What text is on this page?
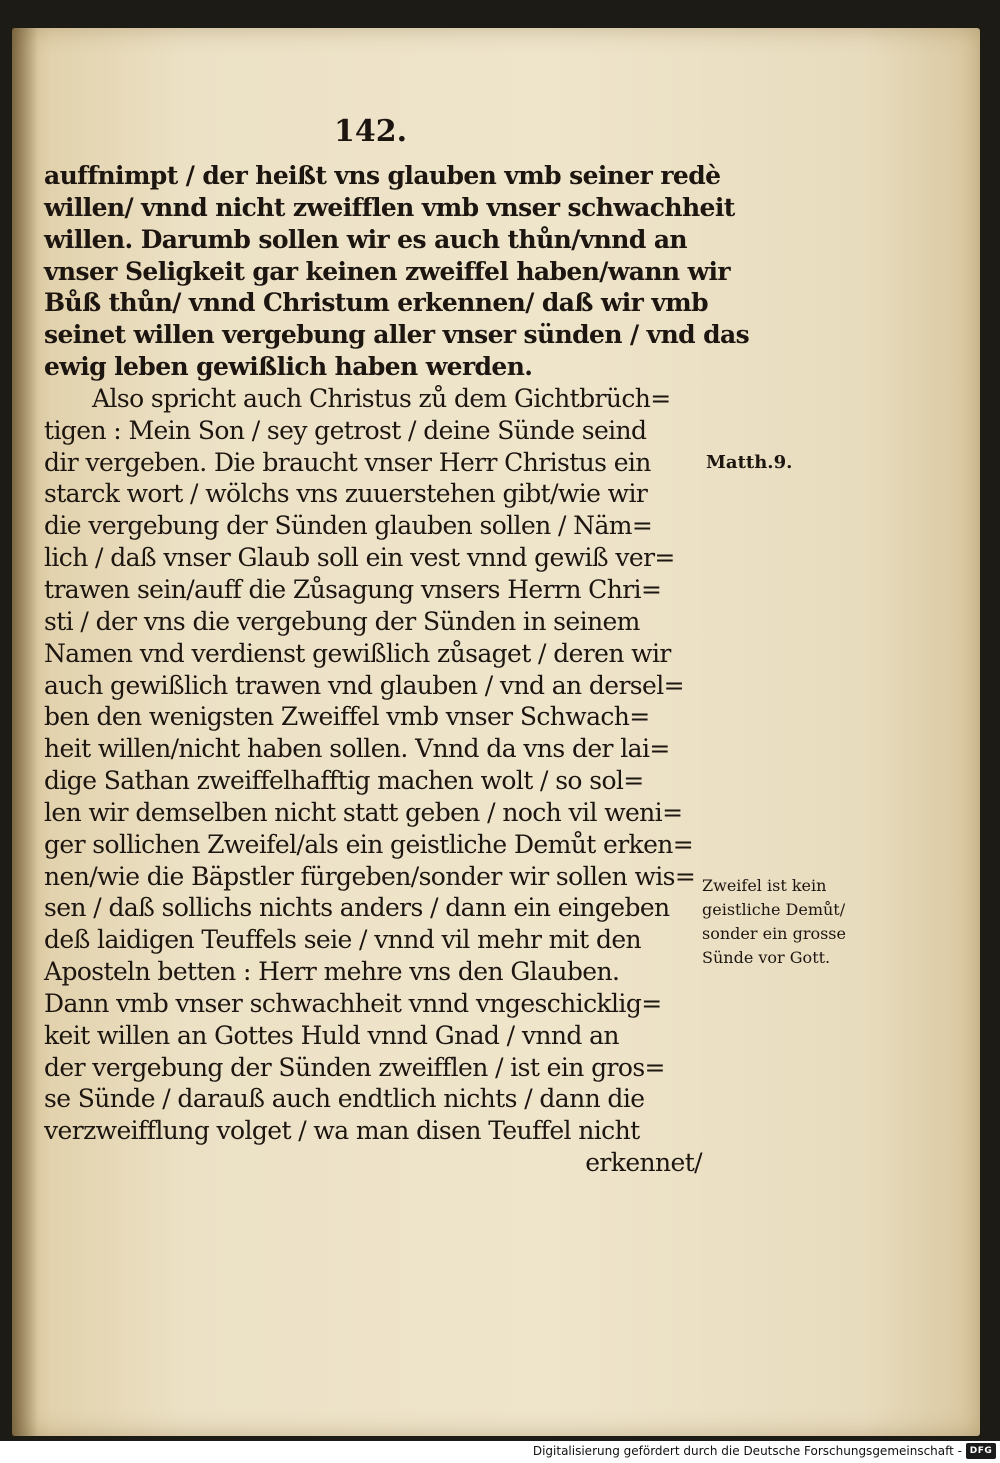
142.
auffnimpt / der heißt vns glauben vmb seiner redè
willen/ vnnd nicht zweifflen vmb vnser schwachheit
willen. Darumb sollen wir es auch thůn/vnnd an
vnser Seligkeit gar keinen zweiffel haben/wann wir
Bůß thůn/ vnnd Christum erkennen/ daß wir vmb
seinet willen vergebung aller vnser sünden / vnd das
ewig leben gewißlich haben werden.
Also spricht auch Christus zů dem Gichtbrüch=
tigen : Mein Son / sey getrost / deine Sünde seind
dir vergeben. Die braucht vnser Herr Christus ein
starck wort / wölchs vns zuuerstehen gibt/wie wir
die vergebung der Sünden glauben sollen / Näm=
lich / daß vnser Glaub soll ein vest vnnd gewiß ver=
trawen sein/auff die Zůsagung vnsers Herrn Chri=
sti / der vns die vergebung der Sünden in seinem
Namen vnd verdienst gewißlich zůsaget / deren wir
auch gewißlich trawen vnd glauben / vnd an dersel=
ben den wenigsten Zweiffel vmb vnser Schwach=
heit willen/nicht haben sollen. Vnnd da vns der lai=
dige Sathan zweiffelhafftig machen wolt / so sol=
len wir demselben nicht statt geben / noch vil weni=
ger sollichen Zweifel/als ein geistliche Demůt erken=
nen/wie die Bäpstler fürgeben/sonder wir sollen wis=
sen / daß sollichs nichts anders / dann ein eingeben
deß laidigen Teuffels seie / vnnd vil mehr mit den
Aposteln betten : Herr mehre vns den Glauben.
Dann vmb vnser schwachheit vnnd vngeschicklig=
keit willen an Gottes Huld vnnd Gnad / vnnd an
der vergebung der Sünden zweifflen / ist ein gros=
se Sünde / darauß auch endtlich nichts / dann die
verzweifflung volget / wa man disen Teuffel nicht
erkennet/
Matth.9.
Zweifel ist kein
geistliche Demůt/
sonder ein grosse
Sünde vor Gott.
Digitalisierung gefördert durch die Deutsche Forschungsgemeinschaft - DFG
